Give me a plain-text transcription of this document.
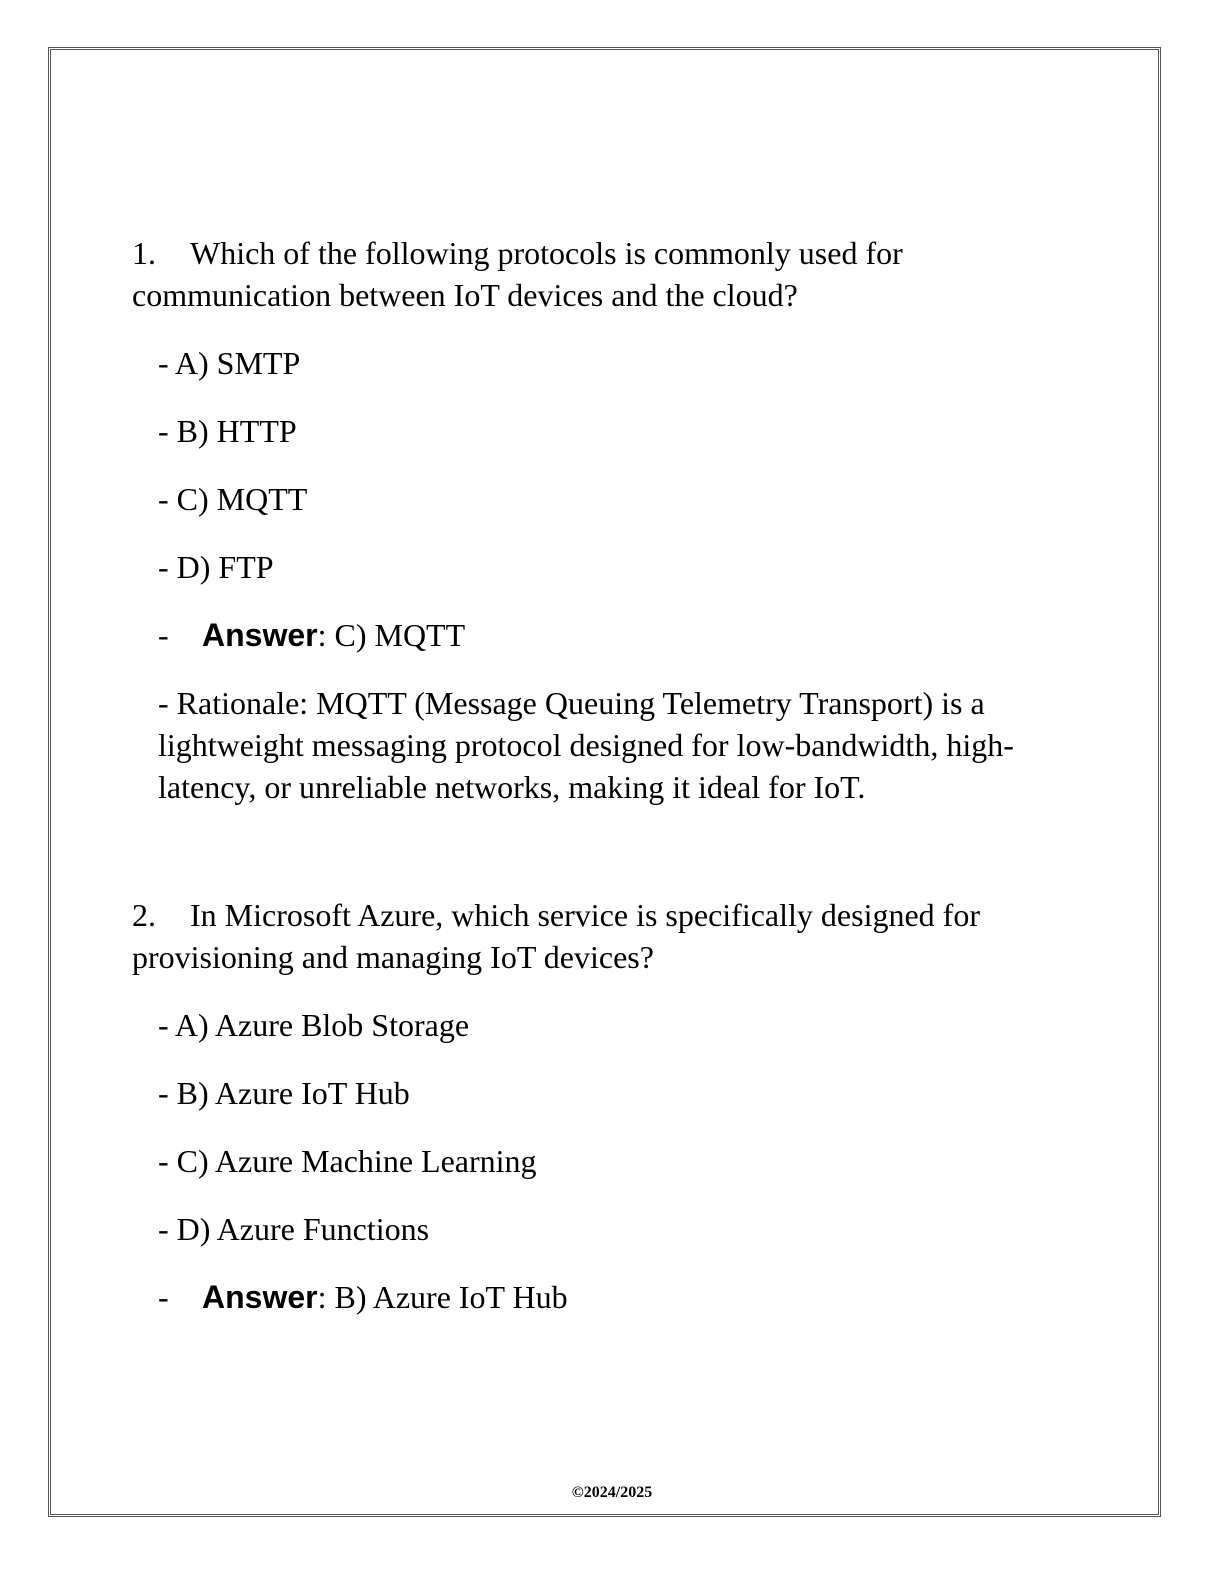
1. Which of the following protocols is commonly used for communication between IoT devices and the cloud?

- A) SMTP
- B) HTTP
- C) MQTT
- D) FTP
- Answer: C) MQTT

- Rationale: MQTT (Message Queuing Telemetry Transport) is a lightweight messaging protocol designed for low-bandwidth, high-latency, or unreliable networks, making it ideal for IoT.

2. In Microsoft Azure, which service is specifically designed for provisioning and managing IoT devices?

- A) Azure Blob Storage
- B) Azure IoT Hub
- C) Azure Machine Learning
- D) Azure Functions
- Answer: B) Azure IoT Hub
©2024/2025
